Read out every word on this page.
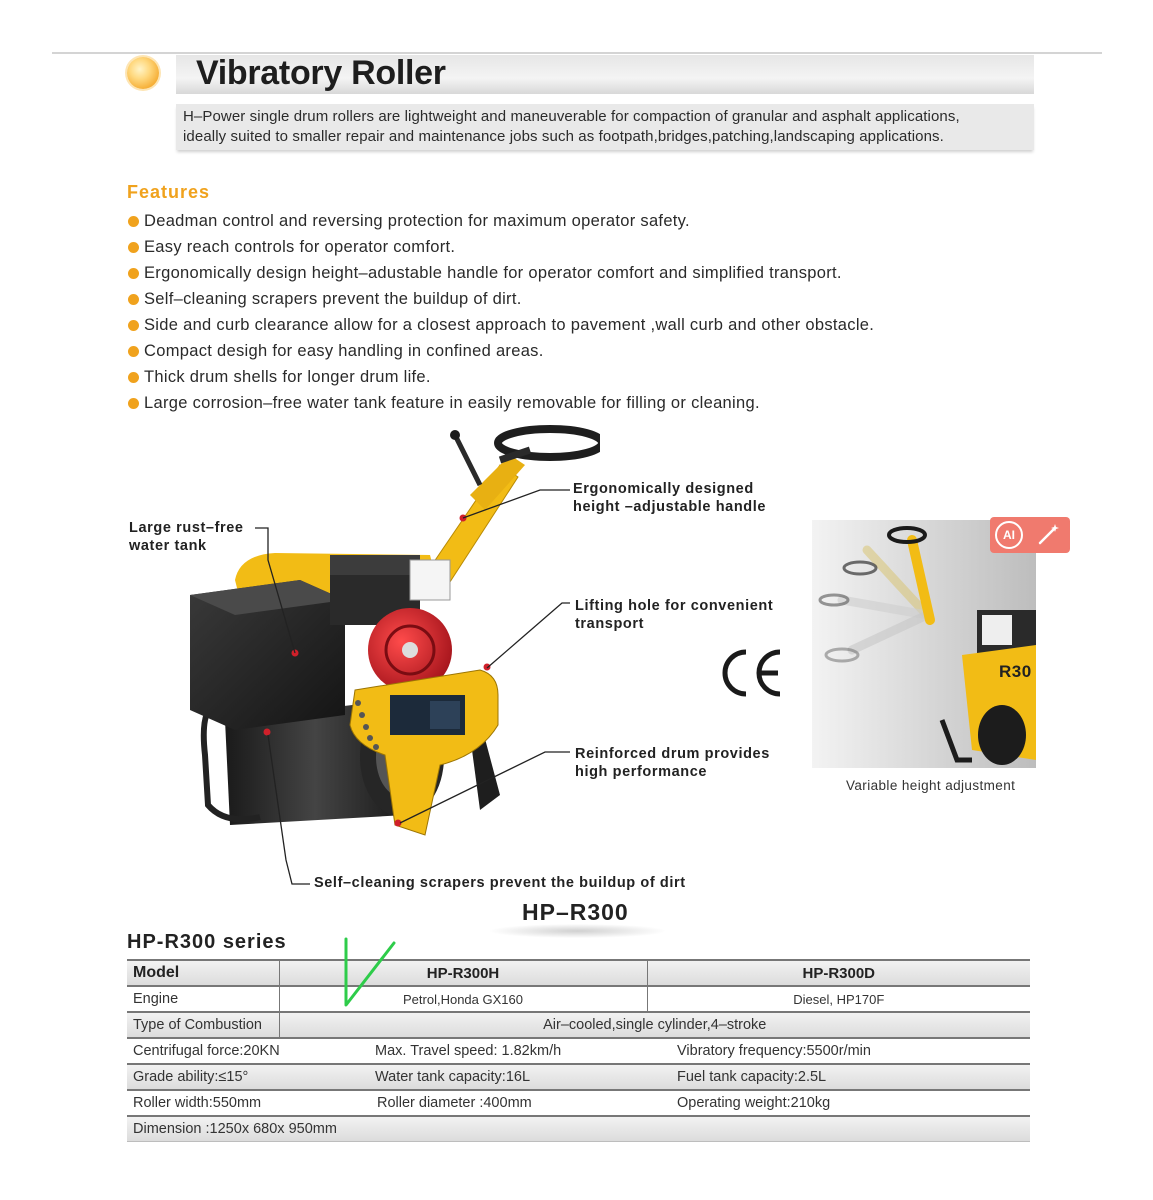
Vibratory Roller
H–Power single drum rollers are lightweight and maneuverable for compaction of granular and asphalt applications,
ideally suited to smaller repair and maintenance jobs such as footpath,bridges,patching,landscaping applications.
Features
Deadman control and reversing protection for maximum operator safety.
Easy reach controls for operator comfort.
Ergonomically design height–adustable handle for operator comfort and simplified transport.
Self–cleaning scrapers prevent the buildup of dirt.
Side and curb clearance allow for a closest approach to pavement ,wall curb and other obstacle.
Compact desigh for easy handling in confined areas.
Thick drum shells for longer drum life.
Large corrosion–free water tank feature in easily removable for filling or cleaning.
Large rust–free
water tank
Ergonomically designed
height –adjustable handle
Lifting hole for convenient
transport
Reinforced drum provides
high performance
Self–cleaning scrapers prevent the buildup of dirt
AI
R30
Variable height adjustment
HP–R300
HP-R300 series
Model	HP-R300H		HP-R300D
Engine	Petrol,Honda GX160		Diesel, HP170F
Type of Combustion	Air–cooled,single cylinder,4–stroke		
Centrifugal force:20KN		Max. Travel speed: 1.82km/h	Vibratory frequency:5500r/min
Grade ability:≤15°		Water tank capacity:16L	Fuel tank capacity:2.5L
Roller width:550mm		Roller diameter :400mm	Operating weight:210kg
Dimension :1250x 680x 950mm			
